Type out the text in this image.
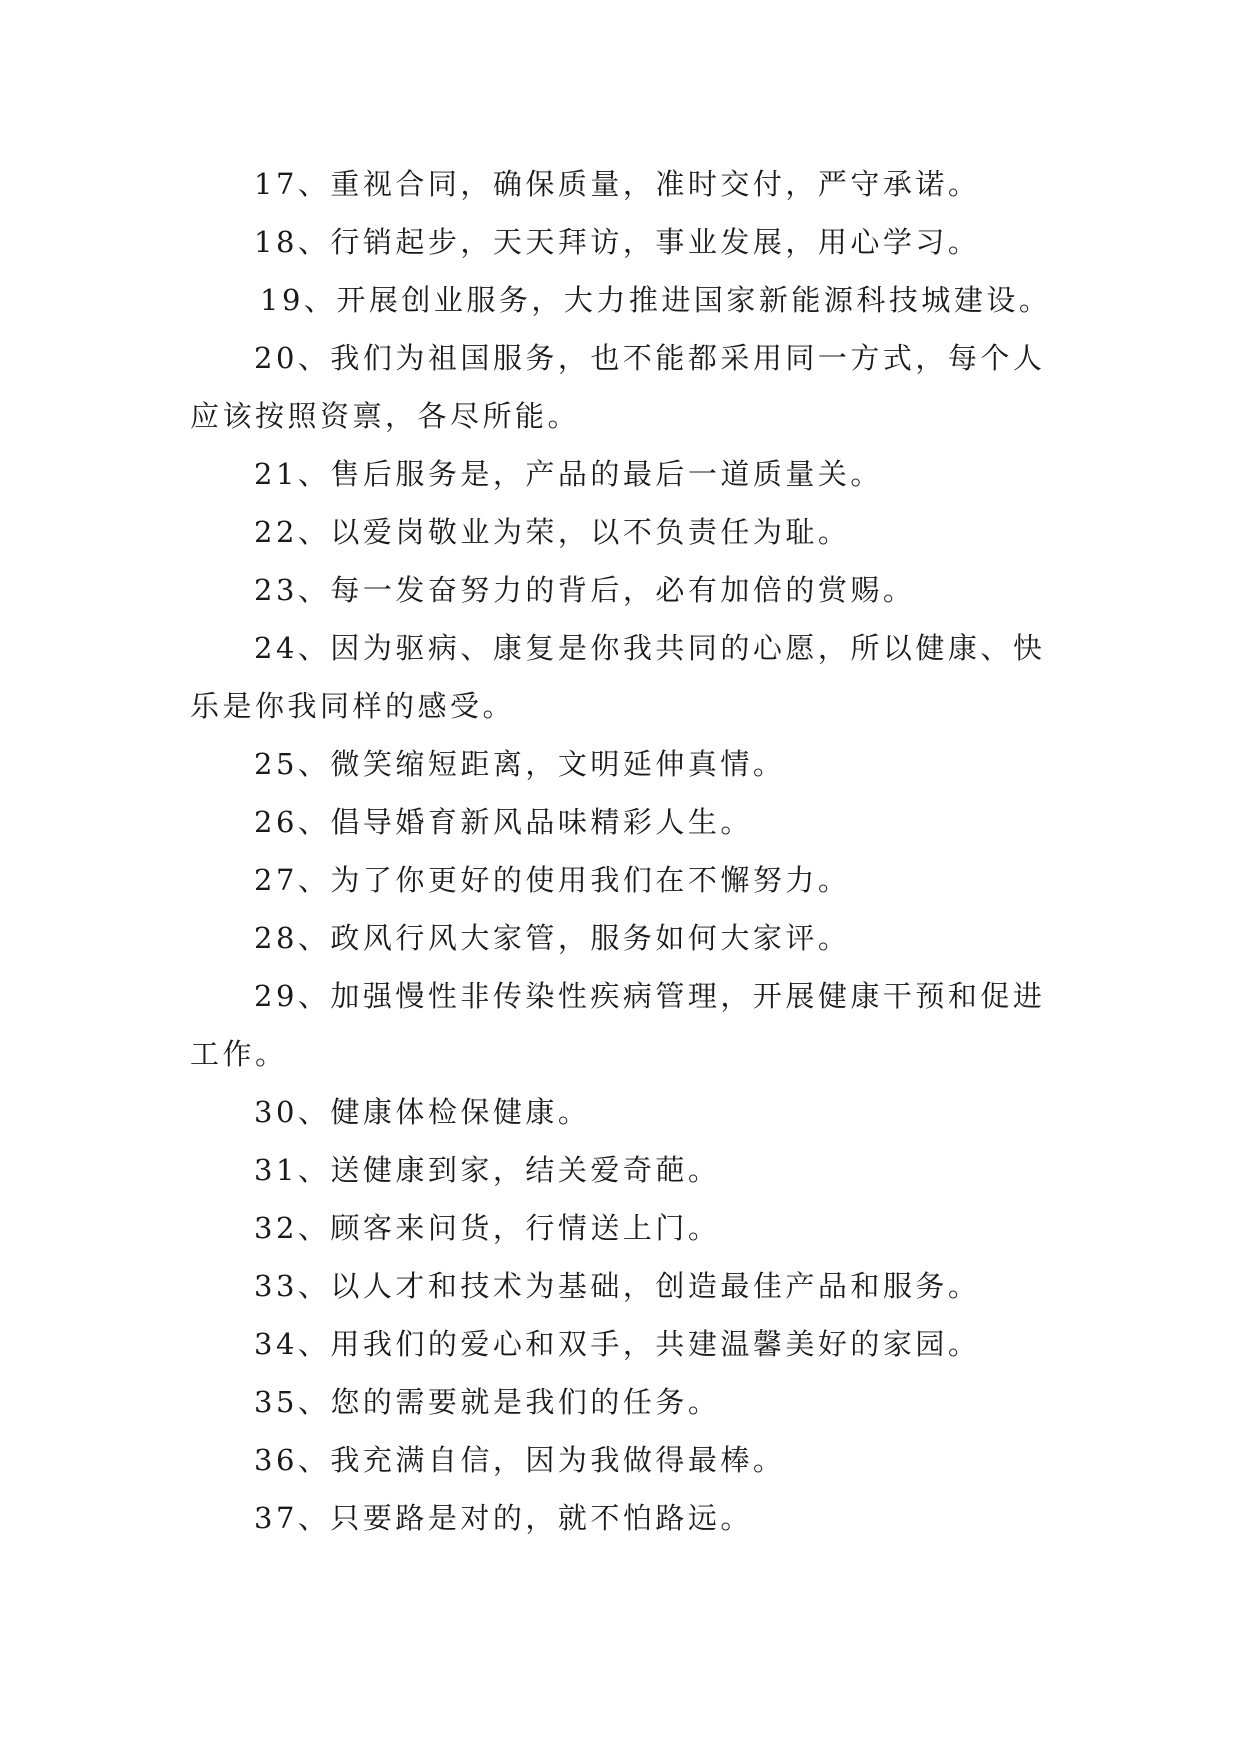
17、重视合同，确保质量，准时交付，严守承诺。

18、行销起步，天天拜访，事业发展，用心学习。

19、开展创业服务，大力推进国家新能源科技城建设。

20、我们为祖国服务，也不能都采用同一方式，每个人应该按照资禀，各尽所能。

21、售后服务是，产品的最后一道质量关。

22、以爱岗敬业为荣，以不负责任为耻。

23、每一发奋努力的背后，必有加倍的赏赐。

24、因为驱病、康复是你我共同的心愿，所以健康、快乐是你我同样的感受。

25、微笑缩短距离，文明延伸真情。

26、倡导婚育新风品味精彩人生。

27、为了你更好的使用我们在不懈努力。

28、政风行风大家管，服务如何大家评。

29、加强慢性非传染性疾病管理，开展健康干预和促进工作。

30、健康体检保健康。

31、送健康到家，结关爱奇葩。

32、顾客来问货，行情送上门。

33、以人才和技术为基础，创造最佳产品和服务。

34、用我们的爱心和双手，共建温馨美好的家园。

35、您的需要就是我们的任务。

36、我充满自信，因为我做得最棒。

37、只要路是对的，就不怕路远。
